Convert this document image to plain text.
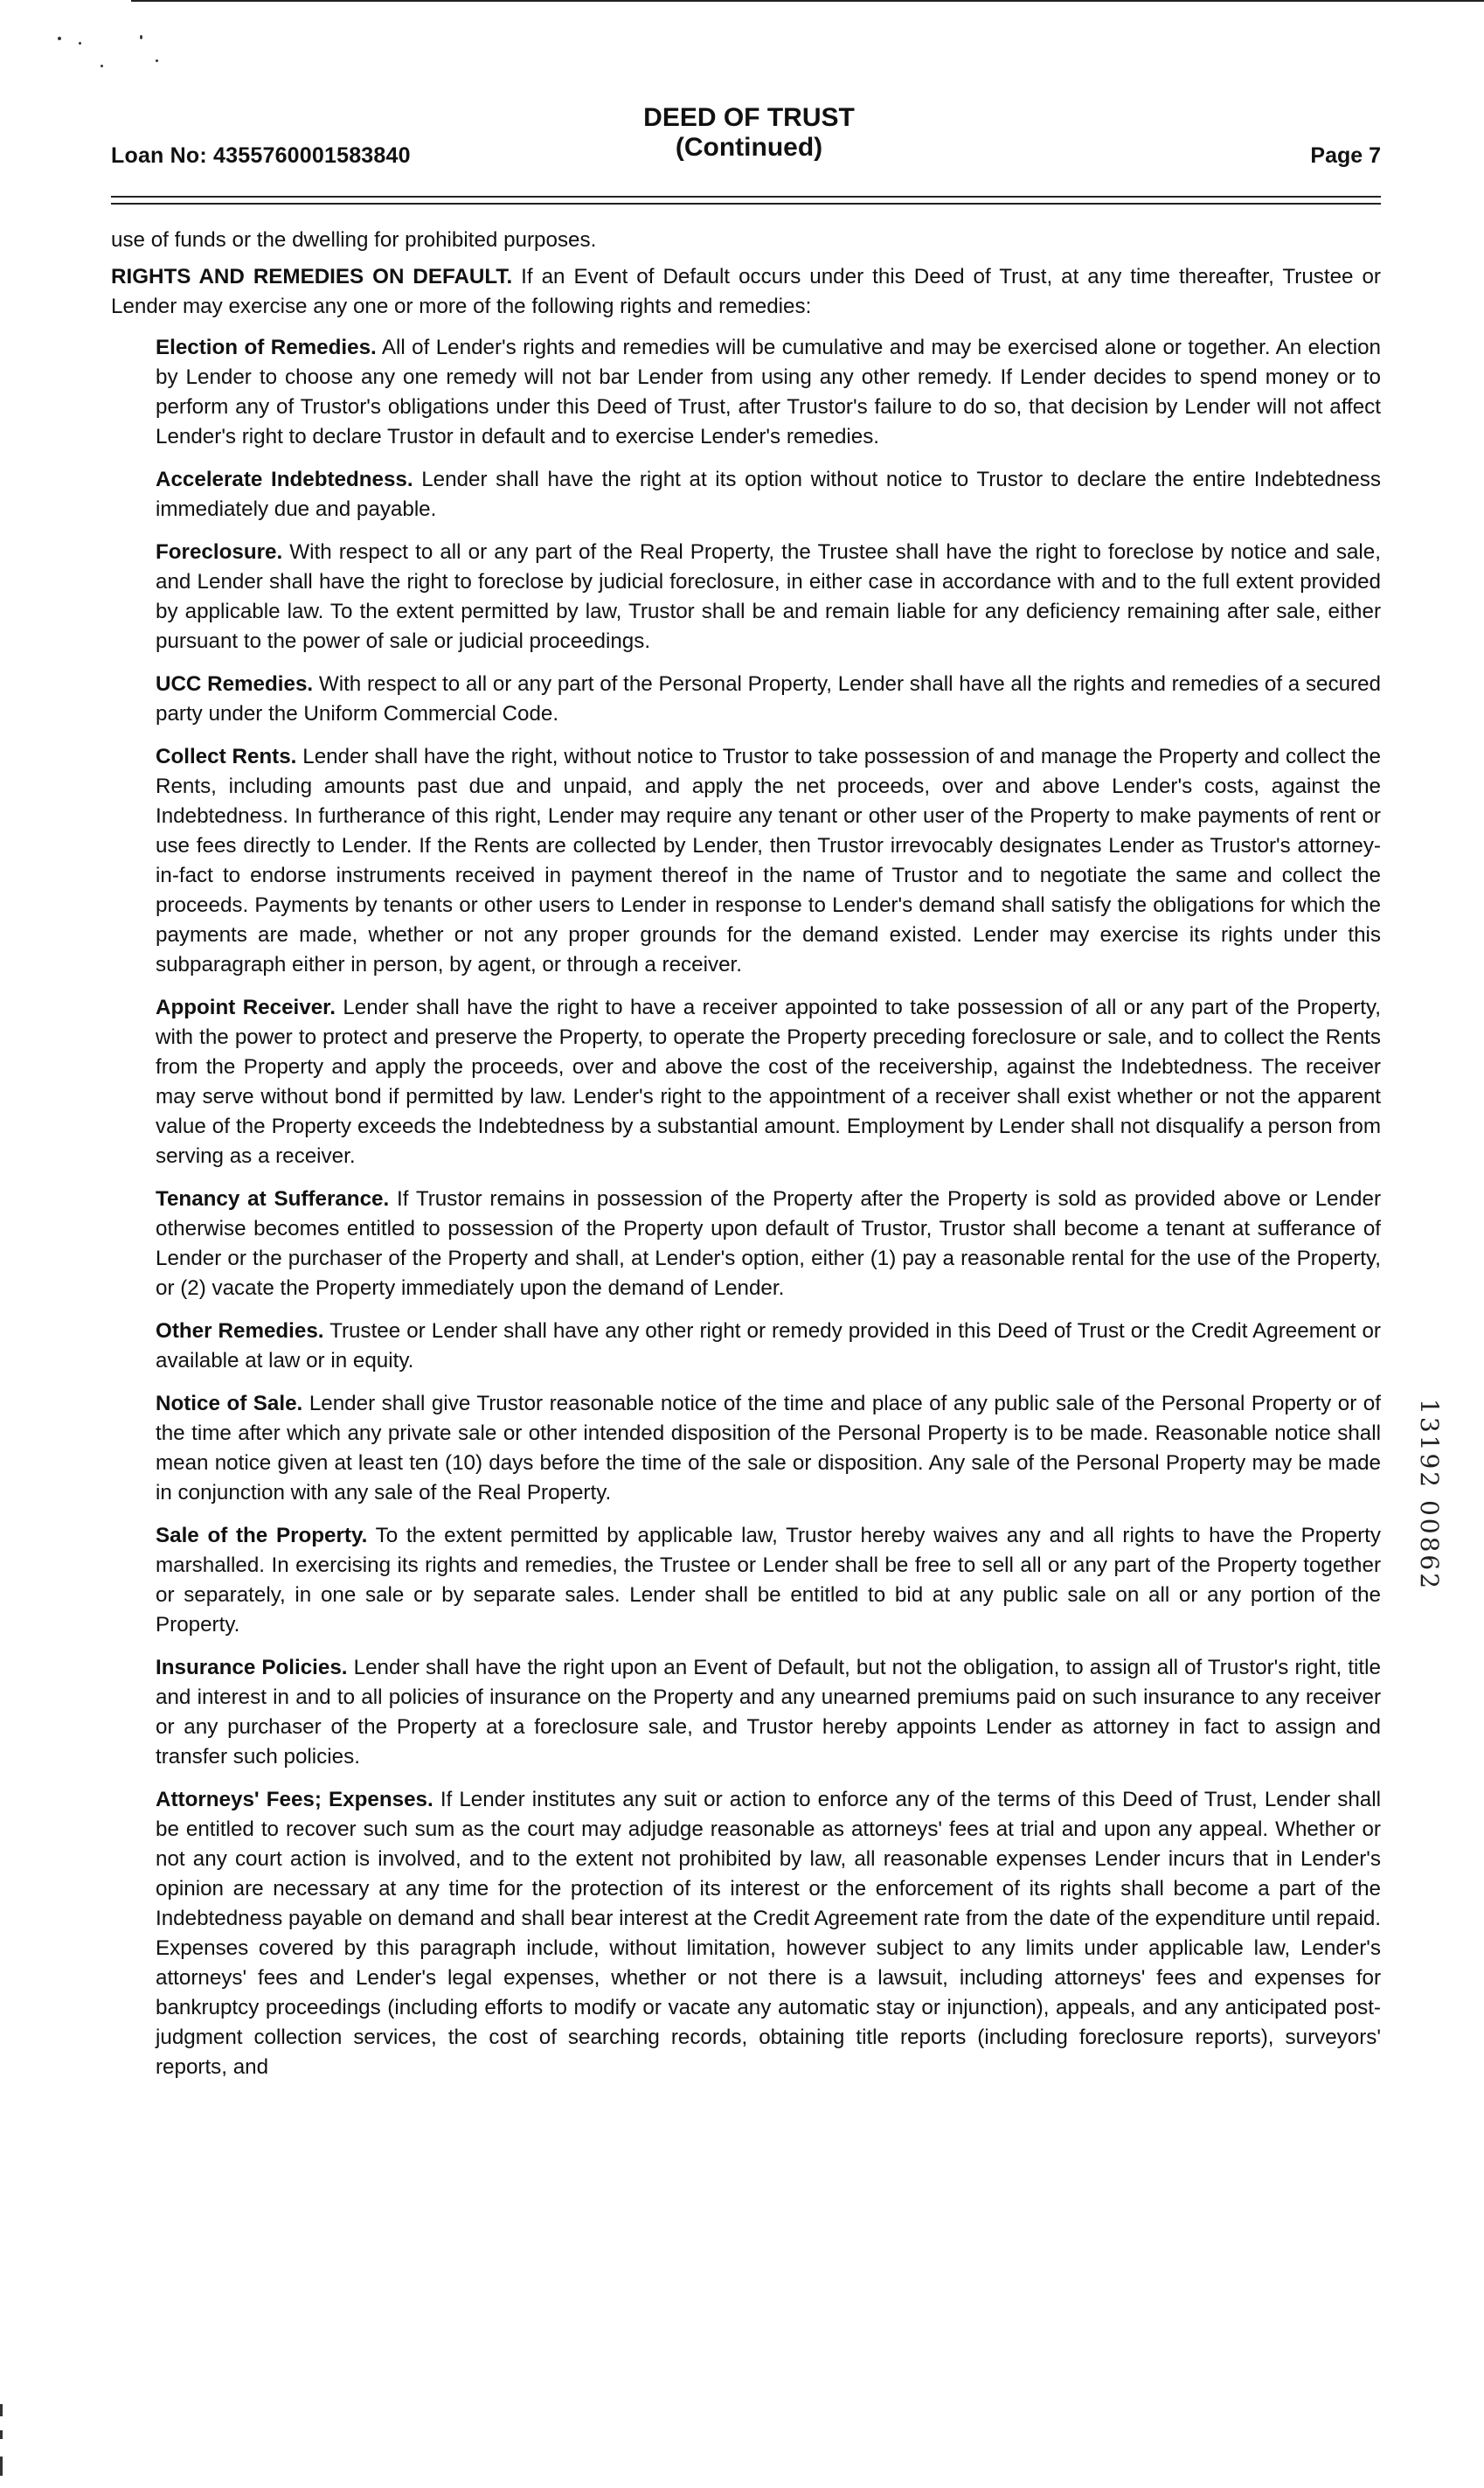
Loan No: 4355760001583840
DEED OF TRUST
(Continued)	Page 7

use of funds or the dwelling for prohibited purposes.

RIGHTS AND REMEDIES ON DEFAULT. If an Event of Default occurs under this Deed of Trust, at any time thereafter, Trustee or Lender may exercise any one or more of the following rights and remedies:

Election of Remedies. All of Lender's rights and remedies will be cumulative and may be exercised alone or together. An election by Lender to choose any one remedy will not bar Lender from using any other remedy. If Lender decides to spend money or to perform any of Trustor's obligations under this Deed of Trust, after Trustor's failure to do so, that decision by Lender will not affect Lender's right to declare Trustor in default and to exercise Lender's remedies.

Accelerate Indebtedness. Lender shall have the right at its option without notice to Trustor to declare the entire Indebtedness immediately due and payable.

Foreclosure. With respect to all or any part of the Real Property, the Trustee shall have the right to foreclose by notice and sale, and Lender shall have the right to foreclose by judicial foreclosure, in either case in accordance with and to the full extent provided by applicable law. To the extent permitted by law, Trustor shall be and remain liable for any deficiency remaining after sale, either pursuant to the power of sale or judicial proceedings.

UCC Remedies. With respect to all or any part of the Personal Property, Lender shall have all the rights and remedies of a secured party under the Uniform Commercial Code.

Collect Rents. Lender shall have the right, without notice to Trustor to take possession of and manage the Property and collect the Rents, including amounts past due and unpaid, and apply the net proceeds, over and above Lender's costs, against the Indebtedness. In furtherance of this right, Lender may require any tenant or other user of the Property to make payments of rent or use fees directly to Lender. If the Rents are collected by Lender, then Trustor irrevocably designates Lender as Trustor's attorney-in-fact to endorse instruments received in payment thereof in the name of Trustor and to negotiate the same and collect the proceeds. Payments by tenants or other users to Lender in response to Lender's demand shall satisfy the obligations for which the payments are made, whether or not any proper grounds for the demand existed. Lender may exercise its rights under this subparagraph either in person, by agent, or through a receiver.

Appoint Receiver. Lender shall have the right to have a receiver appointed to take possession of all or any part of the Property, with the power to protect and preserve the Property, to operate the Property preceding foreclosure or sale, and to collect the Rents from the Property and apply the proceeds, over and above the cost of the receivership, against the Indebtedness. The receiver may serve without bond if permitted by law. Lender's right to the appointment of a receiver shall exist whether or not the apparent value of the Property exceeds the Indebtedness by a substantial amount. Employment by Lender shall not disqualify a person from serving as a receiver.

Tenancy at Sufferance. If Trustor remains in possession of the Property after the Property is sold as provided above or Lender otherwise becomes entitled to possession of the Property upon default of Trustor, Trustor shall become a tenant at sufferance of Lender or the purchaser of the Property and shall, at Lender's option, either (1) pay a reasonable rental for the use of the Property, or (2) vacate the Property immediately upon the demand of Lender.

Other Remedies. Trustee or Lender shall have any other right or remedy provided in this Deed of Trust or the Credit Agreement or available at law or in equity.

Notice of Sale. Lender shall give Trustor reasonable notice of the time and place of any public sale of the Personal Property or of the time after which any private sale or other intended disposition of the Personal Property is to be made. Reasonable notice shall mean notice given at least ten (10) days before the time of the sale or disposition. Any sale of the Personal Property may be made in conjunction with any sale of the Real Property.

Sale of the Property. To the extent permitted by applicable law, Trustor hereby waives any and all rights to have the Property marshalled. In exercising its rights and remedies, the Trustee or Lender shall be free to sell all or any part of the Property together or separately, in one sale or by separate sales. Lender shall be entitled to bid at any public sale on all or any portion of the Property.

Insurance Policies. Lender shall have the right upon an Event of Default, but not the obligation, to assign all of Trustor's right, title and interest in and to all policies of insurance on the Property and any unearned premiums paid on such insurance to any receiver or any purchaser of the Property at a foreclosure sale, and Trustor hereby appoints Lender as attorney in fact to assign and transfer such policies.

Attorneys' Fees; Expenses. If Lender institutes any suit or action to enforce any of the terms of this Deed of Trust, Lender shall be entitled to recover such sum as the court may adjudge reasonable as attorneys' fees at trial and upon any appeal. Whether or not any court action is involved, and to the extent not prohibited by law, all reasonable expenses Lender incurs that in Lender's opinion are necessary at any time for the protection of its interest or the enforcement of its rights shall become a part of the Indebtedness payable on demand and shall bear interest at the Credit Agreement rate from the date of the expenditure until repaid. Expenses covered by this paragraph include, without limitation, however subject to any limits under applicable law, Lender's attorneys' fees and Lender's legal expenses, whether or not there is a lawsuit, including attorneys' fees and expenses for bankruptcy proceedings (including efforts to modify or vacate any automatic stay or injunction), appeals, and any anticipated post-judgment collection services, the cost of searching records, obtaining title reports (including foreclosure reports), surveyors' reports, and

13192 00862
